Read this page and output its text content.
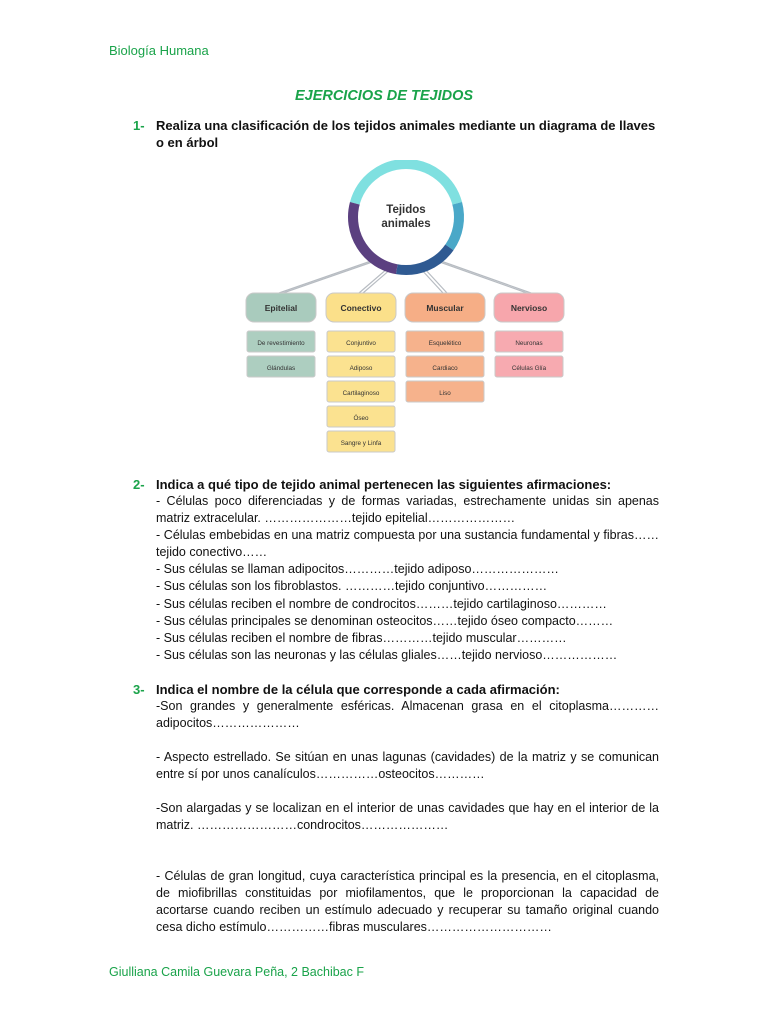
Biología Humana
EJERCICIOS DE TEJIDOS
1- Realiza una clasificación de los tejidos animales mediante un diagrama de llaves o en árbol
Tejidos
animales
Epitelial
De revestimiento
Glándulas
Conectivo
Conjuntivo
Adiposo
Cartilaginoso
Óseo
Sangre y Linfa
Muscular
Esquelético
Cardiaco
Liso
Nervioso
Neuronas
Células Glía
2- Indica a qué tipo de tejido animal pertenecen las siguientes afirmaciones:

- Células poco diferenciadas y de formas variadas, estrechamente unidas sin apenas matriz extracelular. …………………tejido epitelial…………………

- Células embebidas en una matriz compuesta por una sustancia fundamental y fibras……tejido conectivo……

- Sus células se llaman adipocitos…………tejido adiposo…………………

- Sus células son los fibroblastos. …………tejido conjuntivo……………

- Sus células reciben el nombre de condrocitos………tejido cartilaginoso…………

- Sus células principales se denominan osteocitos……tejido óseo compacto………

- Sus células reciben el nombre de fibras…………tejido muscular…………

- Sus células son las neuronas y las células gliales……tejido nervioso………………

3- Indica el nombre de la célula que corresponde a cada afirmación:

-Son grandes y generalmente esféricas. Almacenan grasa en el citoplasma…………adipocitos…………………

- Aspecto estrellado. Se sitúan en unas lagunas (cavidades) de la matriz y se comunican entre sí por unos canalículos……………osteocitos…………

-Son alargadas y se localizan en el interior de unas cavidades que hay en el interior de la matriz. ……………………condrocitos…………………

- Células de gran longitud, cuya característica principal es la presencia, en el citoplasma, de miofibrillas constituidas por miofilamentos, que le proporcionan la capacidad de acortarse cuando reciben un estímulo adecuado y recuperar su tamaño original cuando cesa dicho estímulo……………fibras musculares…………………………

Giulliana Camila Guevara Peña, 2 Bachibac F
